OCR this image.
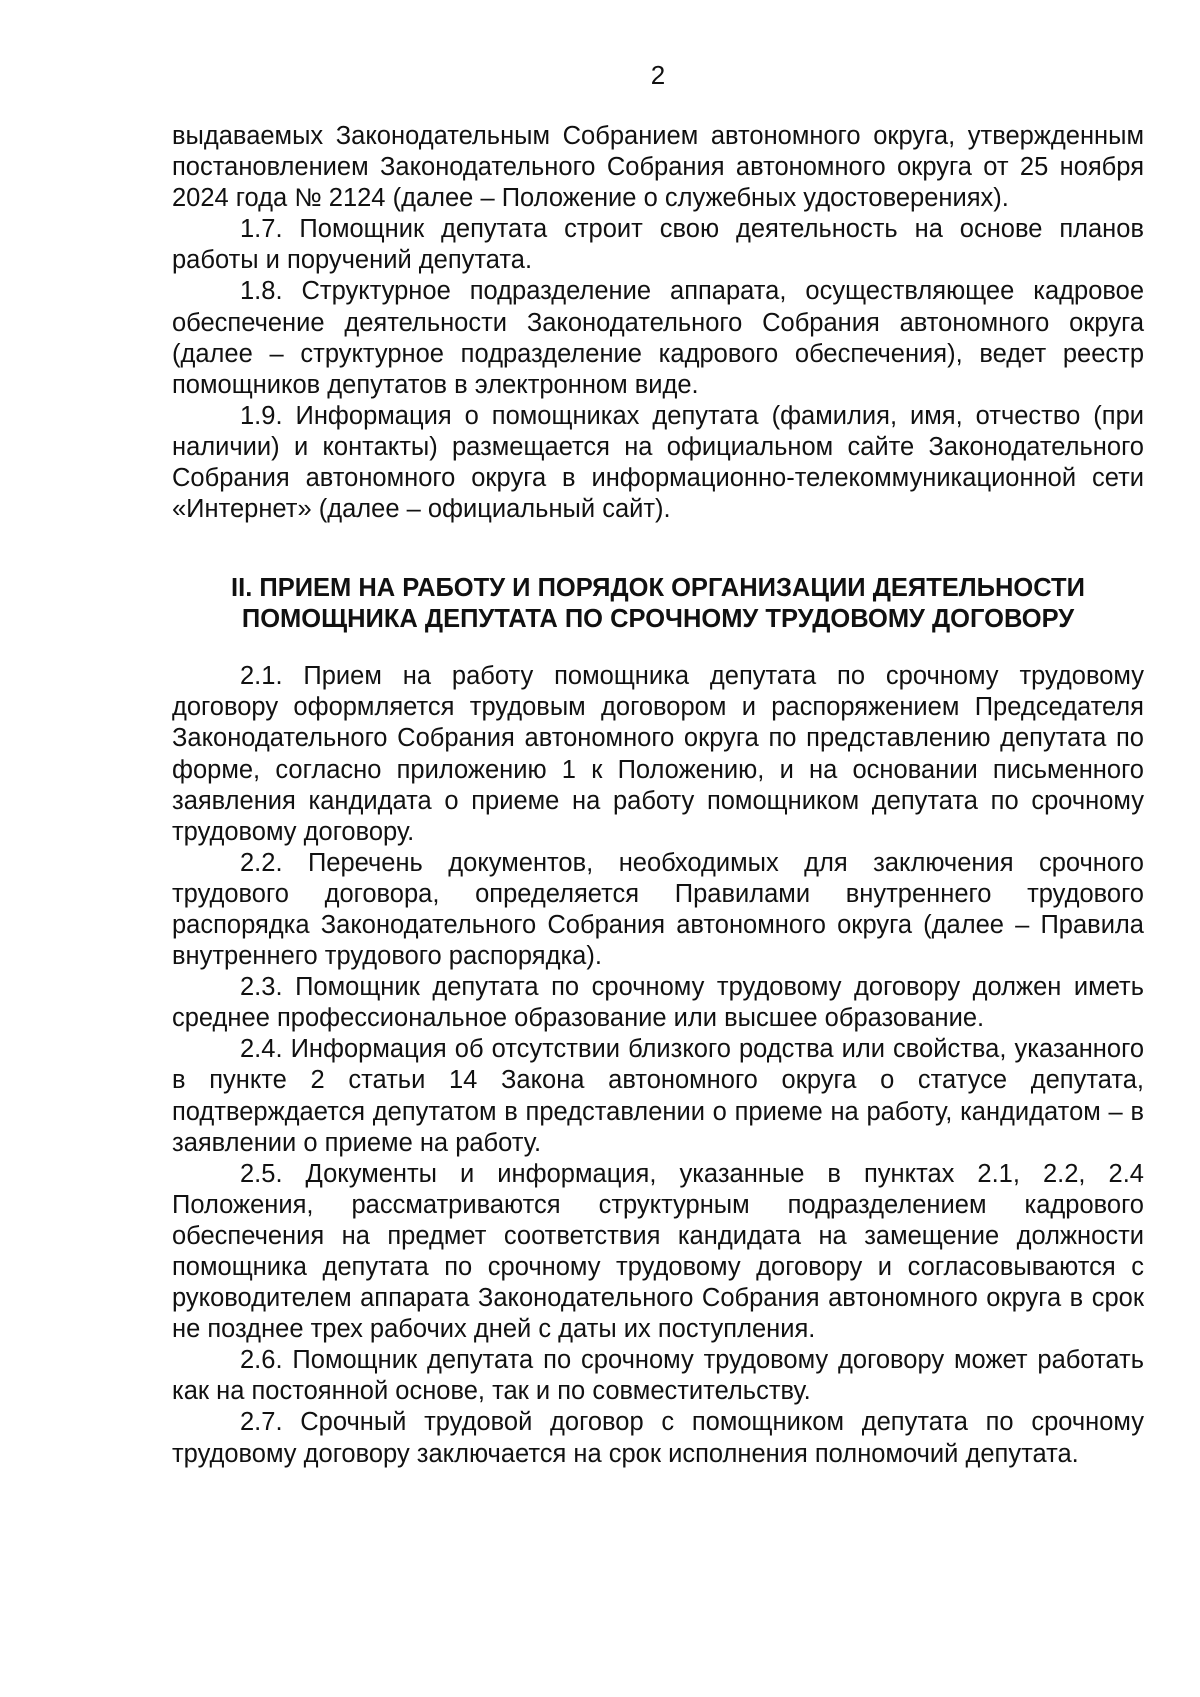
2

выдаваемых Законодательным Собранием автономного округа, утвержденным постановлением Законодательного Собрания автономного округа от 25 ноября 2024 года № 2124 (далее – Положение о служебных удостоверениях).

1.7. Помощник депутата строит свою деятельность на основе планов работы и поручений депутата.

1.8. Структурное подразделение аппарата, осуществляющее кадровое обеспечение деятельности Законодательного Собрания автономного округа (далее – структурное подразделение кадрового обеспечения), ведет реестр помощников депутатов в электронном виде.

1.9. Информация о помощниках депутата (фамилия, имя, отчество (при наличии) и контакты) размещается на официальном сайте Законодательного Собрания автономного округа в информационно-телекоммуникационной сети «Интернет» (далее – официальный сайт).

II. ПРИЕМ НА РАБОТУ И ПОРЯДОК ОРГАНИЗАЦИИ ДЕЯТЕЛЬНОСТИ
ПОМОЩНИКА ДЕПУТАТА ПО СРОЧНОМУ ТРУДОВОМУ ДОГОВОРУ

2.1. Прием на работу помощника депутата по срочному трудовому договору оформляется трудовым договором и распоряжением Председателя Законодательного Собрания автономного округа по представлению депутата по форме, согласно приложению 1 к Положению, и на основании письменного заявления кандидата о приеме на работу помощником депутата по срочному трудовому договору.

2.2. Перечень документов, необходимых для заключения срочного трудового договора, определяется Правилами внутреннего трудового распорядка Законодательного Собрания автономного округа (далее – Правила внутреннего трудового распорядка).

2.3. Помощник депутата по срочному трудовому договору должен иметь среднее профессиональное образование или высшее образование.

2.4. Информация об отсутствии близкого родства или свойства, указанного в пункте 2 статьи 14 Закона автономного округа о статусе депутата, подтверждается депутатом в представлении о приеме на работу, кандидатом – в заявлении о приеме на работу.

2.5. Документы и информация, указанные в пунктах 2.1, 2.2, 2.4 Положения, рассматриваются структурным подразделением кадрового обеспечения на предмет соответствия кандидата на замещение должности помощника депутата по срочному трудовому договору и согласовываются с руководителем аппарата Законодательного Собрания автономного округа в срок не позднее трех рабочих дней с даты их поступления.

2.6. Помощник депутата по срочному трудовому договору может работать как на постоянной основе, так и по совместительству.

2.7. Срочный трудовой договор с помощником депутата по срочному трудовому договору заключается на срок исполнения полномочий депутата.
